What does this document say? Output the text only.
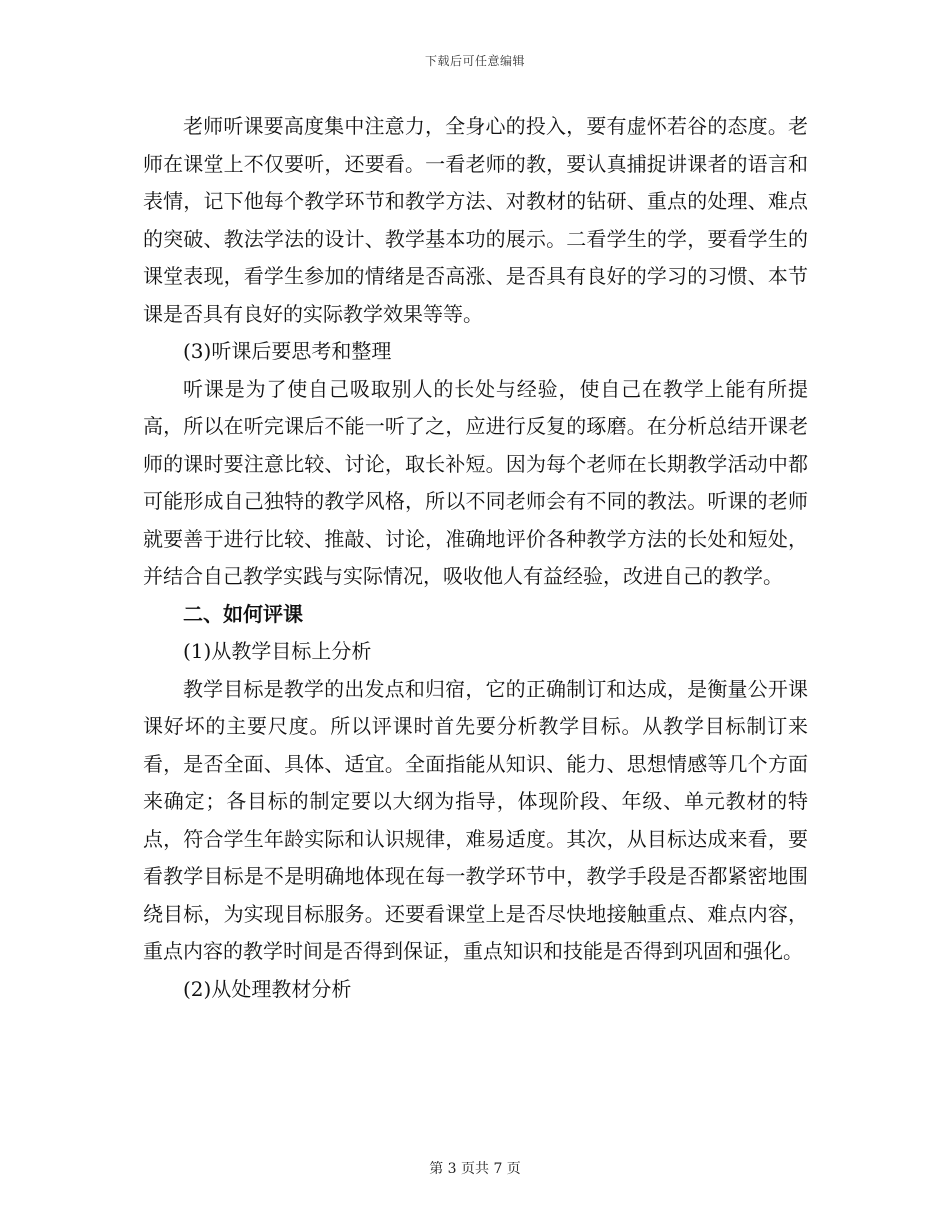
下载后可任意编辑

老师听课要高度集中注意力，全身心的投入，要有虚怀若谷的态度。老师在课堂上不仅要听，还要看。一看老师的教，要认真捕捉讲课者的语言和表情，记下他每个教学环节和教学方法、对教材的钻研、重点的处理、难点的突破、教法学法的设计、教学基本功的展示。二看学生的学，要看学生的课堂表现，看学生参加的情绪是否高涨、是否具有良好的学习的习惯、本节课是否具有良好的实际教学效果等等。

(3)听课后要思考和整理

听课是为了使自己吸取别人的长处与经验，使自己在教学上能有所提高，所以在听完课后不能一听了之，应进行反复的琢磨。在分析总结开课老师的课时要注意比较、讨论，取长补短。因为每个老师在长期教学活动中都可能形成自己独特的教学风格，所以不同老师会有不同的教法。听课的老师就要善于进行比较、推敲、讨论，准确地评价各种教学方法的长处和短处，并结合自己教学实践与实际情况，吸收他人有益经验，改进自己的教学。

二、如何评课

(1)从教学目标上分析

教学目标是教学的出发点和归宿，它的正确制订和达成，是衡量公开课课好坏的主要尺度。所以评课时首先要分析教学目标。从教学目标制订来看，是否全面、具体、适宜。全面指能从知识、能力、思想情感等几个方面来确定；各目标的制定要以大纲为指导，体现阶段、年级、单元教材的特点，符合学生年龄实际和认识规律，难易适度。其次，从目标达成来看，要看教学目标是不是明确地体现在每一教学环节中，教学手段是否都紧密地围绕目标，为实现目标服务。还要看课堂上是否尽快地接触重点、难点内容，重点内容的教学时间是否得到保证，重点知识和技能是否得到巩固和强化。

(2)从处理教材分析

第 3 页共 7 页
